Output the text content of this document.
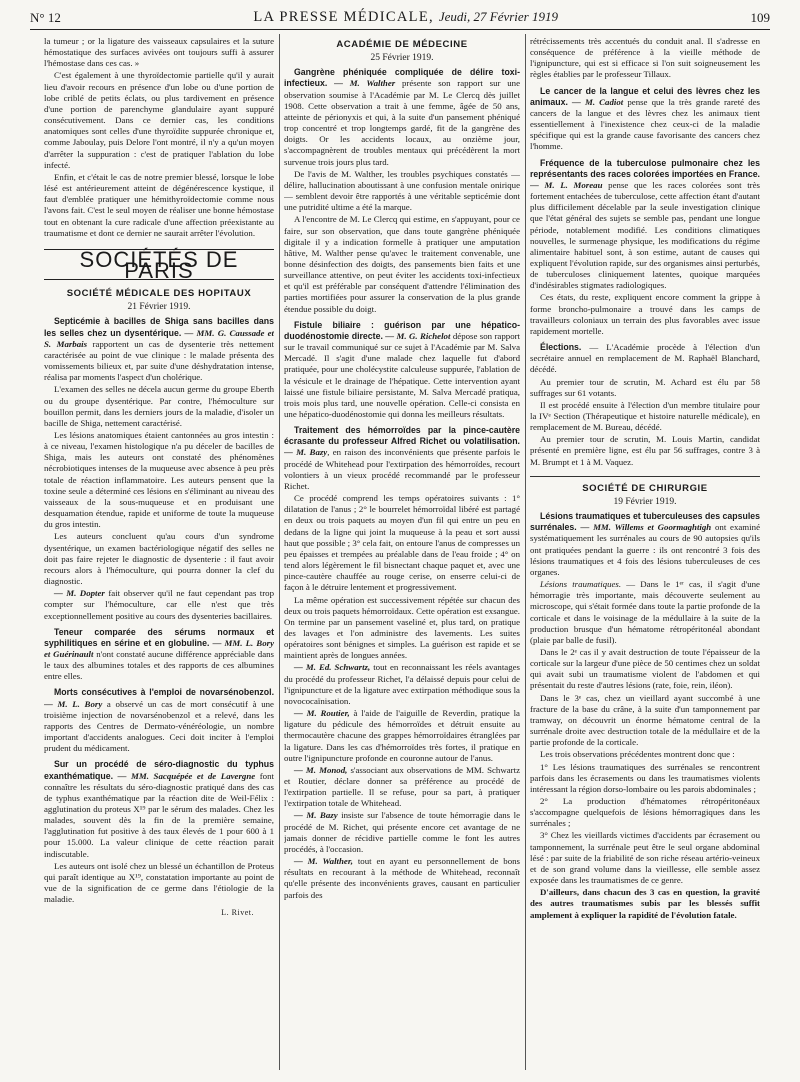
N° 12	LA PRESSE MÉDICALE, Jeudi, 27 Février 1919	109

la tumeur ; or la ligature des vaisseaux capsulaires et la suture hémostatique des surfaces avivées ont toujours suffi à assurer l'hémostase dans ces cas. »

C'est également à une thyroïdectomie partielle qu'il y aurait lieu d'avoir recours en présence d'un lobe ou d'une portion de lobe criblé de petits éclats, ou plus tardivement en présence d'une portion de parenchyme glandulaire ayant suppuré consécutivement. Dans ce dernier cas, les conditions anatomiques sont celles d'une thyroïdite suppurée chronique et, comme Jaboulay, puis Delore l'ont montré, il n'y a qu'un moyen d'arrêter la suppuration : c'est de pratiquer l'ablation du lobe infecté.

Enfin, et c'était le cas de notre premier blessé, lorsque le lobe lésé est antérieurement atteint de dégénérescence kystique, il faut d'emblée pratiquer une hémithyroïdectomie comme nous l'avons fait. C'est le seul moyen de réaliser une bonne hémostase tout en obtenant la cure radicale d'une affection préexistante au traumatisme et dont ce dernier ne saurait arrêter l'évolution.

SOCIÉTÉS DE PARIS
SOCIÉTÉ MÉDICALE DES HOPITAUX
21 Février 1919.

Septicémie à bacilles de Shiga sans bacilles dans les selles chez un dysentérique. — MM. G. Caussade et S. Marbais rapportent un cas de dysenterie très nettement caractérisée au point de vue clinique : le malade présenta des vomissements bilieux et, par suite d'une déshydratation intense, réalisa par moments l'aspect d'un cholérique.

L'examen des selles ne décela aucun germe du groupe Eberth ou du groupe dysentérique. Par contre, l'hémoculture sur bouillon permit, dans les derniers jours de la maladie, d'isoler un bacille de Shiga, nettement caractérisé.

Les lésions anatomiques étaient cantonnées au gros intestin : à ce niveau, l'examen histologique n'a pu déceler de bacilles de Shiga, mais les auteurs ont constaté des phénomènes nécrobiotiques intenses de la muqueuse avec absence à peu près totale de réaction inflammatoire. Les auteurs pensent que la toxine seule a déterminé ces lésions en s'éliminant au niveau des vaisseaux de la sous-muqueuse et en produisant une desquamation étendue, rapide et uniforme de toute la muqueuse du gros intestin.

Les auteurs concluent qu'au cours d'un syndrome dysentérique, un examen bactériologique négatif des selles ne doit pas faire rejeter le diagnostic de dysenterie : il faut avoir recours alors à l'hémoculture, qui pourra donner la clef du diagnostic.

— M. Dopter fait observer qu'il ne faut cependant pas trop compter sur l'hémoculture, car elle n'est que très exceptionnellement positive au cours des dysenteries bacillaires.

Teneur comparée des sérums normaux et syphilitiques en sérine et en globuline. — MM. L. Bory et Guérinault n'ont constaté aucune différence appréciable dans le taux des albumines totales et des rapports de ces albumines entre elles.

Morts consécutives à l'emploi de novarsénobenzol. — M. L. Bory a observé un cas de mort consécutif à une troisième injection de novarsénobenzol et a relevé, dans les rapports des Centres de Dermato-vénéréologie, un nombre important d'accidents analogues. Ceci doit inciter à l'emploi prudent du médicament.

Sur un procédé de séro-diagnostic du typhus exanthématique. — MM. Sacquépée et de Lavergne font connaître les résultats du séro-diagnostic pratiqué dans des cas de typhus exanthématique par la réaction dite de Weil-Félix : agglutination du proteus X¹⁹ par le sérum des malades. Chez les malades, souvent dès la fin de la première semaine, l'agglutination fut positive à des taux élevés de 1 pour 600 à 1 pour 15.000. La valeur clinique de cette réaction parait indiscutable.

Les auteurs ont isolé chez un blessé un échantillon de Proteus qui paraît identique au X¹⁹, constatation importante au point de vue de la signification de ce germe dans l'étiologie de la maladie.

L. Rivet.
ACADÉMIE DE MÉDECINE
25 Février 1919.

Gangrène phéniquée compliquée de délire toxi-infectieux. — M. Walther présente son rapport sur une observation soumise à l'Académie par M. Le Clercq dès juillet 1908. Cette observation a trait à une femme, âgée de 50 ans, atteinte de périonyxis et qui, à la suite d'un pansement phéniqué trop concentré et trop longtemps gardé, fit de la gangrène des doigts. Or les accidents locaux, au onzième jour, s'accompagnèrent de troubles mentaux qui précédèrent la mort survenue trois jours plus tard.

De l'avis de M. Walther, les troubles psychiques constatés — délire, hallucination aboutissant à une confusion mentale onirique — semblent devoir être rapportés à une véritable septicémie dont une putridité ultime a été la marque.

A l'encontre de M. Le Clercq qui estime, en s'appuyant, pour ce faire, sur son observation, que dans toute gangrène phéniquée digitale il y a indication formelle à pratiquer une amputation hâtive, M. Walther pense qu'avec le traitement convenable, une bonne désinfection des doigts, des pansements bien faits et une surveillance attentive, on peut éviter les accidents toxi-infectieux et qu'il est préférable par conséquent d'attendre l'élimination des parties mortifiées pour assurer la conservation de la plus grande étendue possible du doigt.

Fistule biliaire : guérison par une hépatico-duodénostomie directe. — M. G. Richelot dépose son rapport sur le travail communiqué sur ce sujet à l'Académie par M. Salva Mercadé. Il s'agit d'une malade chez laquelle fut d'abord pratiquée, pour une cholécystite calculeuse suppurée, l'ablation de la vésicule et le drainage de l'hépatique. Cette intervention ayant laissé une fistule biliaire persistante, M. Salva Mercadé pratiqua, trois mois plus tard, une nouvelle opération. Celle-ci consista en une hépatico-duodénostomie qui donna les meilleurs résultats.

Traitement des hémorroïdes par la pince-cautère écrasante du professeur Alfred Richet ou volatilisation. — M. Bazy, en raison des inconvénients que présente parfois le procédé de Whitehead pour l'extirpation des hémorroïdes, recourt volontiers à un vieux procédé recommandé par le professeur Richet.

Ce procédé comprend les temps opératoires suivants : 1° dilatation de l'anus ; 2° le bourrelet hémorroïdal libéré est partagé en deux ou trois paquets au moyen d'un fil qui entre un peu en dedans de la ligne qui joint la muqueuse à la peau et sort aussi haut que possible ; 3° cela fait, on entoure l'anus de compresses un peu épaisses et trempées au préalable dans de l'eau froide ; 4° on tend alors légèrement le fil bisnectant chaque paquet et, avec une pince-cautère chauffée au rouge cerise, on enserre celui-ci de façon à le détruire lentement et progressivement.

La même opération est successivement répétée sur chacun des deux ou trois paquets hémorroïdaux. Cette opération est exsangue. On termine par un pansement vaseliné et, plus tard, on pratique des lavages et l'on administre des lavements. Les suites opératoires sont bénignes et simples. La guérison est rapide et se maintient après de longues années.

— M. Ed. Schwartz, tout en reconnaissant les réels avantages du procédé du professeur Richet, l'a délaissé depuis pour celui de l'ignipuncture et de la ligature avec extirpation méthodique sous la novococaïnisation.

— M. Routier, à l'aide de l'aiguille de Reverdin, pratique la ligature du pédicule des hémorroïdes et détruit ensuite au thermocautère chacune des grappes hémorroïdaires étranglées par la ligature. Dans les cas d'hémorroïdes très fortes, il pratique en outre l'ignipuncture profonde en couronne autour de l'anus.

— M. Monod, s'associant aux observations de MM. Schwartz et Routier, déclare donner sa préférence au procédé de l'extirpation partielle. Il se refuse, pour sa part, à pratiquer l'extirpation totale de Whitehead.

— M. Bazy insiste sur l'absence de toute hémorragie dans le procédé de M. Richet, qui présente encore cet avantage de ne jamais donner de récidive partielle comme le font les autres procédés, à l'occasion.

— M. Walther, tout en ayant eu personnellement de bons résultats en recourant à la méthode de Whitehead, reconnaît qu'elle présente des inconvénients graves, causant en particulier parfois des

rétrécissements très accentués du conduit anal. Il s'adresse en conséquence de préférence à la vieille méthode de l'ignipuncture, qui est si efficace si l'on suit soigneusement les règles établies par le professeur Tillaux.

Le cancer de la langue et celui des lèvres chez les animaux. — M. Cadiot pense que la très grande rareté des cancers de la langue et des lèvres chez les animaux tient essentiellement à l'inexistence chez ceux-ci de la maladie spécifique qui est la grande cause favorisante des cancers chez l'homme.

Fréquence de la tuberculose pulmonaire chez les représentants des races colorées importées en France. — M. L. Moreau pense que les races colorées sont très fortement entachées de tuberculose, cette affection étant d'autant plus difficilement décelable par la seule investigation clinique que l'état général des sujets se semble pas, pendant une longue période, notablement modifié. Les conditions climatiques nouvelles, le surmenage physique, les modifications du régime alimentaire habituel sont, à son estime, autant de causes qui expliquent l'évolution rapide, sur des organismes ainsi perturbés, de tuberculoses cliniquement latentes, quoique marquées d'indésirables stigmates radiologiques.

Ces états, du reste, expliquent encore comment la grippe à forme broncho-pulmonaire a trouvé dans les camps de travailleurs coloniaux un terrain des plus favorables avec issue rapidement mortelle.

Élections. — L'Académie procède à l'élection d'un secrétaire annuel en remplacement de M. Raphaël Blanchard, décédé.

Au premier tour de scrutin, M. Achard est élu par 58 suffrages sur 61 votants.

Il est procédé ensuite à l'élection d'un membre titulaire pour la IVᵉ Section (Thérapeutique et histoire naturelle médicale), en remplacement de M. Bureau, décédé.

Au premier tour de scrutin, M. Louis Martin, candidat présenté en première ligne, est élu par 56 suffrages, contre 3 à M. Brumpt et 1 à M. Vaquez.

SOCIÉTÉ DE CHIRURGIE
19 Février 1919.

Lésions traumatiques et tuberculeuses des capsules surrénales. — MM. Willems et Goormaghtigh ont examiné systématiquement les surrénales au cours de 90 autopsies qu'ils ont pratiquées pendant la guerre : ils ont rencontré 3 fois des lésions traumatiques et 4 fois des lésions tuberculeuses de ces organes.

Lésions traumatiques. — Dans le 1ᵉʳ cas, il s'agit d'une hémorragie très importante, mais découverte seulement au microscope, qui s'était formée dans toute la partie profonde de la corticale et dans le voisinage de la médullaire à la suite de la production brusque d'un hématome rétropéritonéal abondant (plaie par balle de fusil).

Dans le 2ᵉ cas il y avait destruction de toute l'épaisseur de la corticale sur la largeur d'une pièce de 50 centimes chez un soldat qui avait subi un traumatisme violent de l'abdomen et qui présentait du reste d'autres lésions (rate, foie, rein, iléon).

Dans le 3ᵉ cas, chez un vieillard ayant succombé à une fracture de la base du crâne, à la suite d'un tamponnement par tramway, on découvrit un énorme hématome central de la surrénale droite avec destruction totale de la médullaire et de la partie profonde de la corticale.

Les trois observations précédentes montrent donc que :

1° Les lésions traumatiques des surrénales se rencontrent parfois dans les écrasements ou dans les traumatismes violents intéressant la région dorso-lombaire ou les parois abdominales ;

2° La production d'hématomes rétropéritonéaux s'accompagne quelquefois de lésions hémorragiques dans les surrénales ;

3° Chez les vieillards victimes d'accidents par écrasement ou tamponnement, la surrénale peut être le seul organe abdominal lésé : par suite de la friabilité de son riche réseau artério-veineux et de son grand volume dans la vieillesse, elle semble assez exposée dans les traumatismes de ce genre.

D'ailleurs, dans chacun des 3 cas en question, la gravité des autres traumatismes subis par les blessés suffit amplement à expliquer la rapidité de l'évolution fatale.
